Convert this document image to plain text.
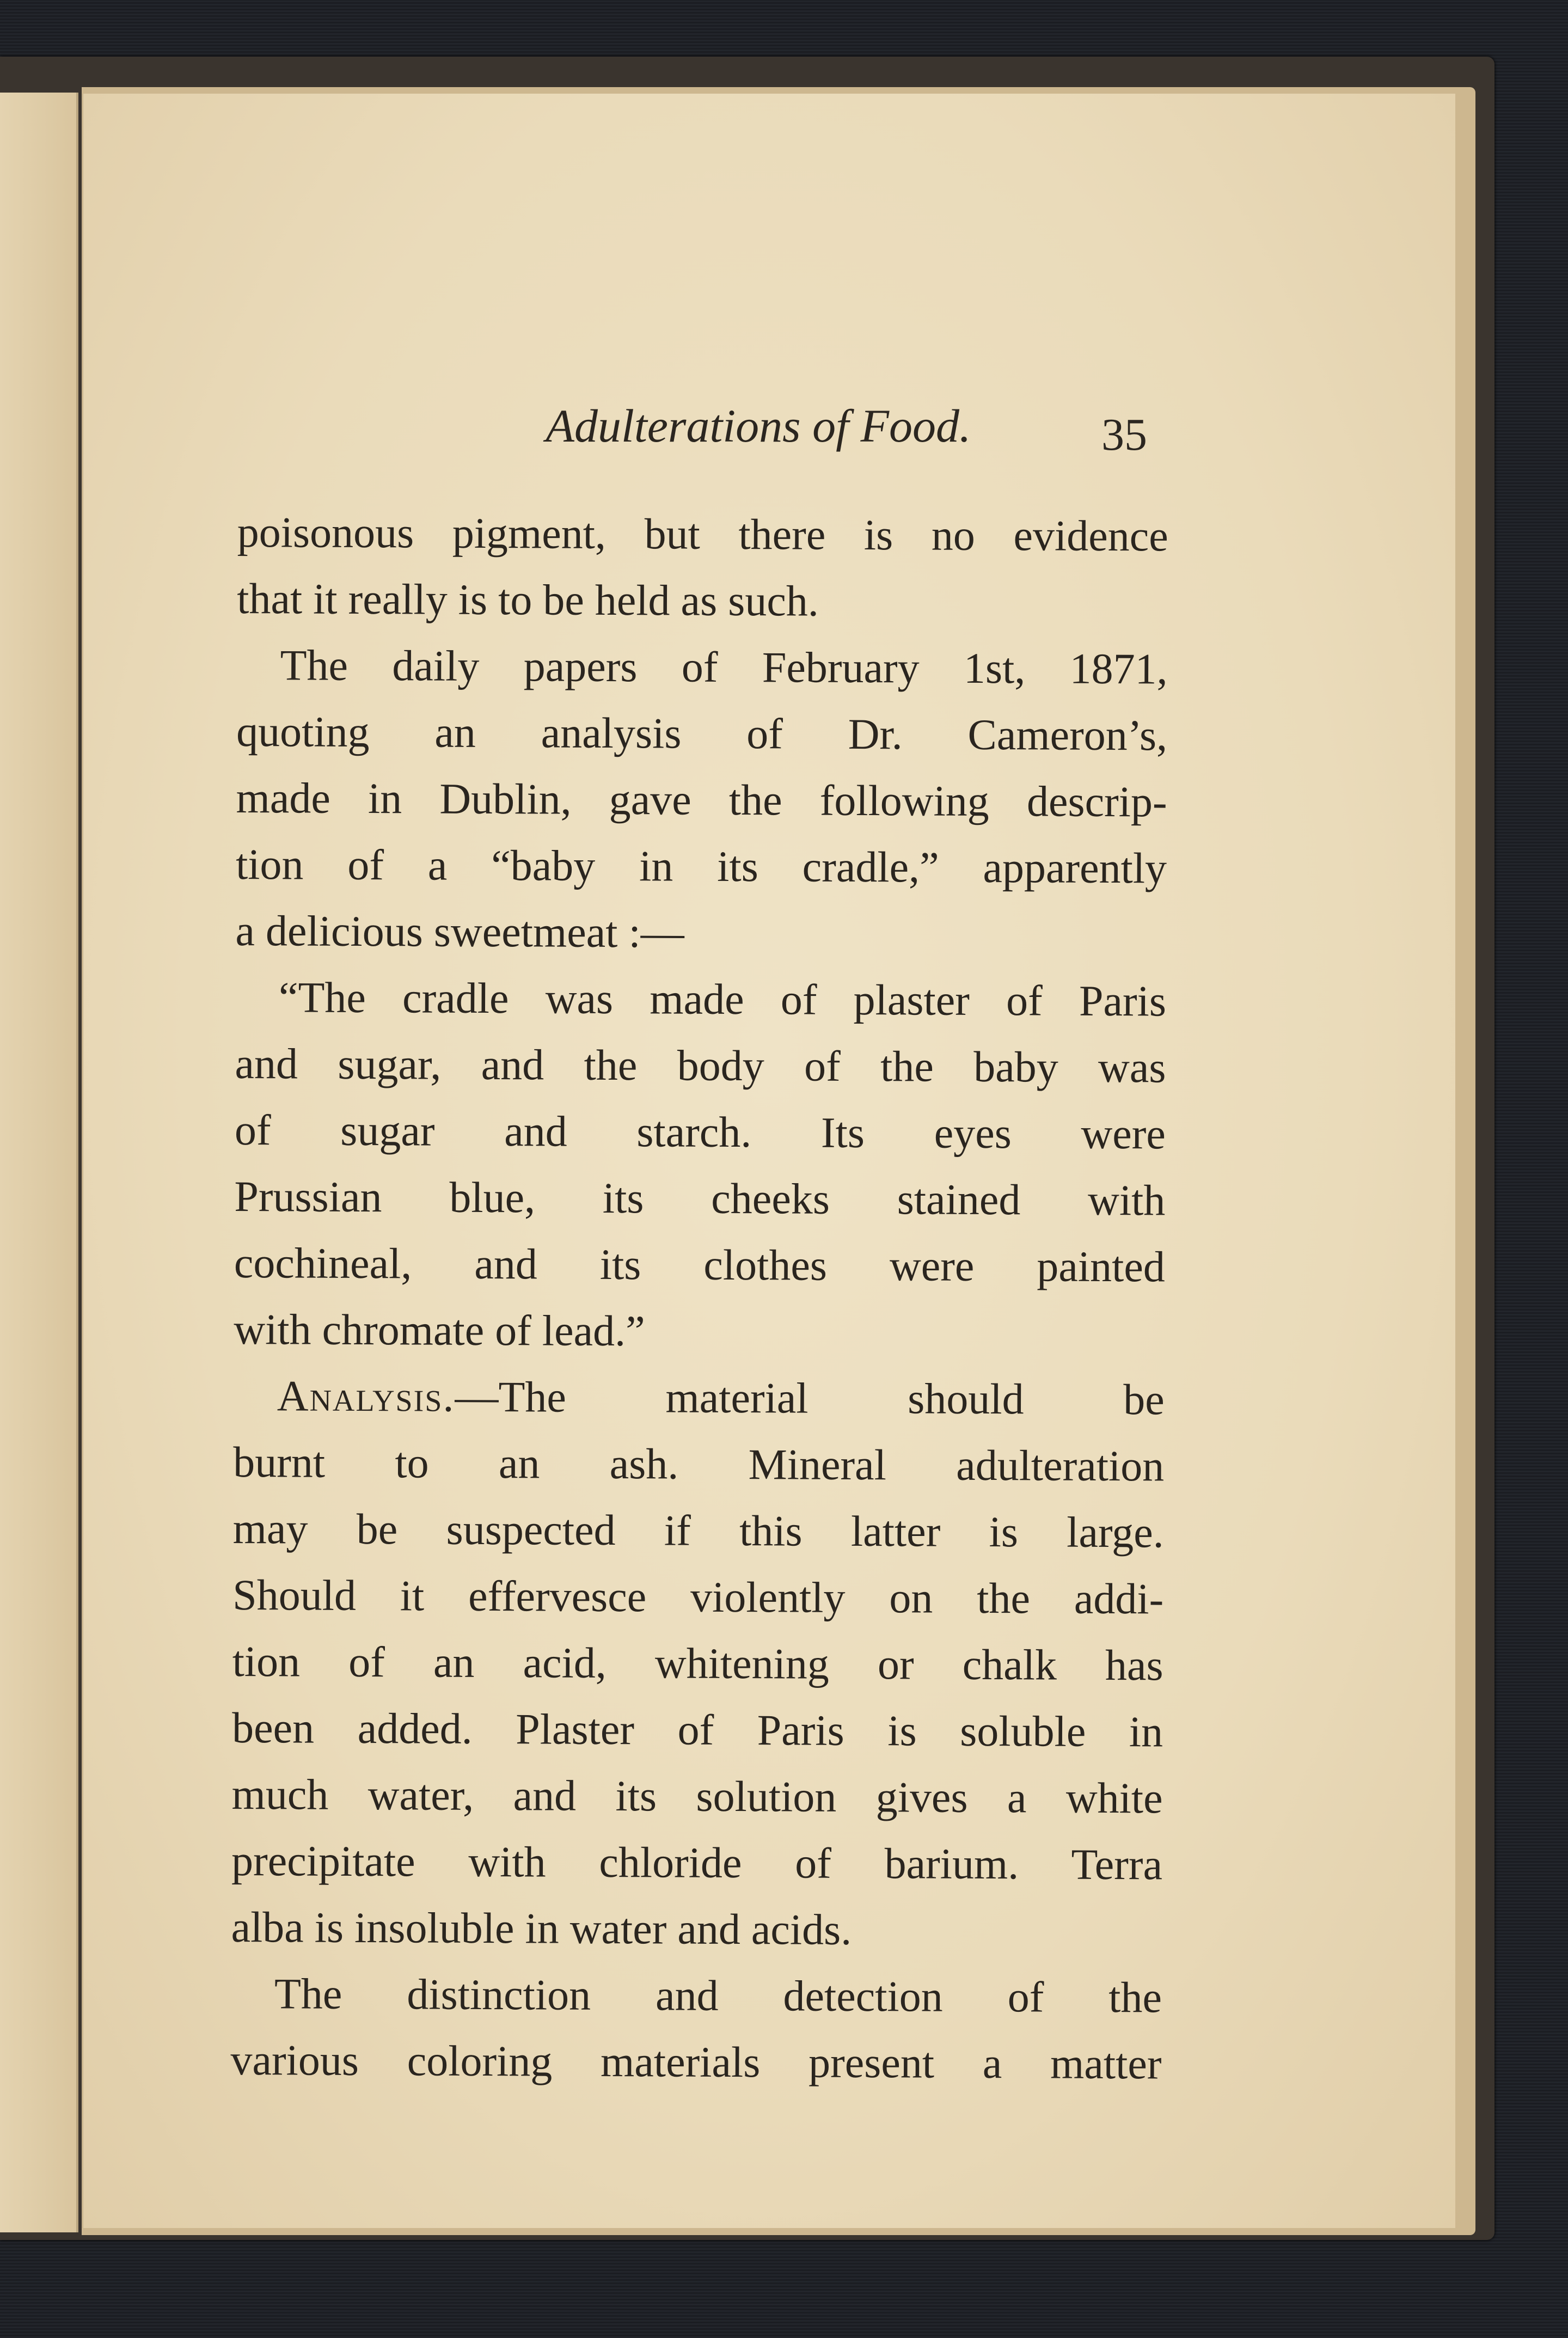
Adulterations of Food.	35
poisonous pigment, but there is no evidence
that it really is to be held as such.
The daily papers of February 1st, 1871,
quoting an analysis of Dr. Cameron’s,
made in Dublin, gave the following descrip-
tion of a “baby in its cradle,” apparently
a delicious sweetmeat :—
“The cradle was made of plaster of Paris
and sugar, and the body of the baby was
of sugar and starch. Its eyes were
Prussian blue, its cheeks stained with
cochineal, and its clothes were painted
with chromate of lead.”
Analysis.—The material should be
burnt to an ash. Mineral adulteration
may be suspected if this latter is large.
Should it effervesce violently on the addi-
tion of an acid, whitening or chalk has
been added. Plaster of Paris is soluble in
much water, and its solution gives a white
precipitate with chloride of barium. Terra
alba is insoluble in water and acids.
The distinction and detection of the
various coloring materials present a matter
